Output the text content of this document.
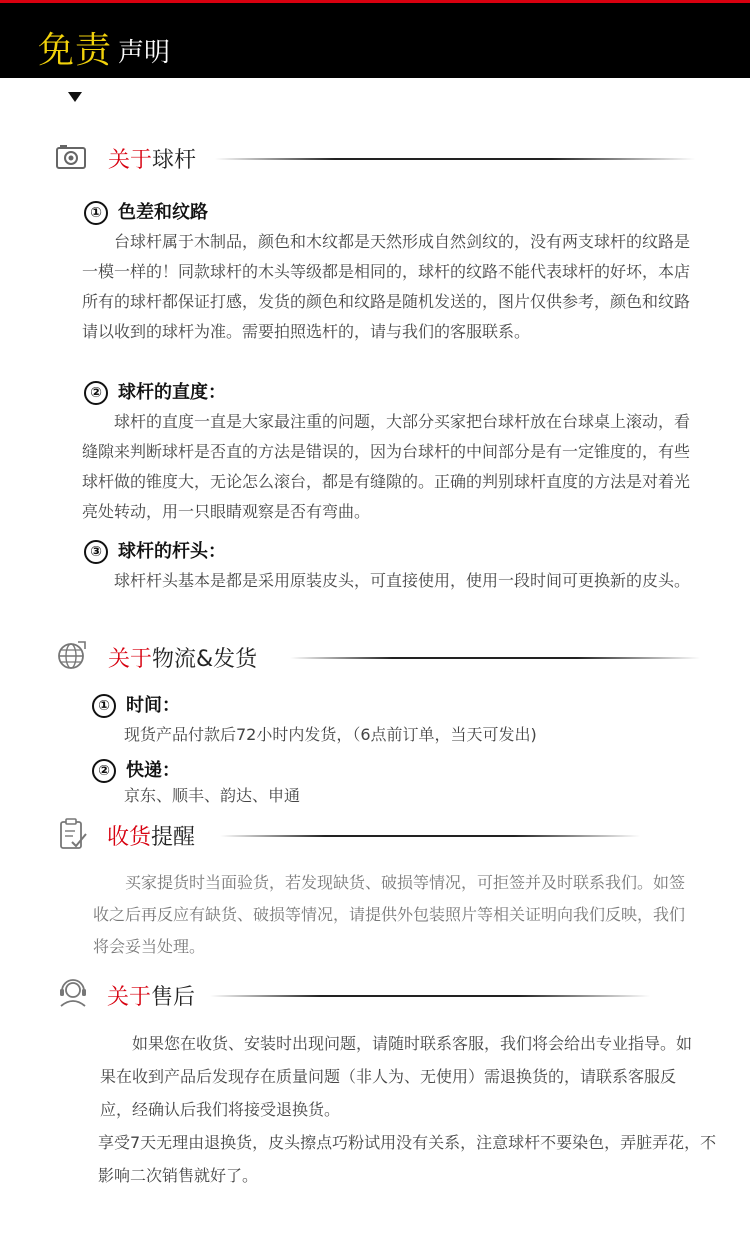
免责 声明
关于球杆
① 色差和纹路
台球杆属于木制品，颜色和木纹都是天然形成自然剑纹的，没有两支球杆的纹路是一模一样的！同款球杆的木头等级都是相同的，球杆的纹路不能代表球杆的好坏，本店所有的球杆都保证打感，发货的颜色和纹路是随机发送的，图片仅供参考，颜色和纹路请以收到的球杆为准。需要拍照选杆的，请与我们的客服联系。
② 球杆的直度：
球杆的直度一直是大家最注重的问题，大部分买家把台球杆放在台球桌上滚动，看缝隙来判断球杆是否直的方法是错误的，因为台球杆的中间部分是有一定锥度的，有些球杆做的锥度大，无论怎么滚台，都是有缝隙的。正确的判别球杆直度的方法是对着光亮处转动，用一只眼睛观察是否有弯曲。
③ 球杆的杆头：
球杆杆头基本是都是采用原装皮头，可直接使用，使用一段时间可更换新的皮头。
关于物流&发货
① 时间：
现货产品付款后72小时内发货，（6点前订单，当天可发出)
② 快递：
京东、顺丰、韵达、申通
收货提醒
买家提货时当面验货，若发现缺货、破损等情况，可拒签并及时联系我们。如签收之后再反应有缺货、破损等情况，请提供外包装照片等相关证明向我们反映，我们将会妥当处理。
关于售后
如果您在收货、安装时出现问题，请随时联系客服，我们将会给出专业指导。如果在收到产品后发现存在质量问题（非人为、无使用）需退换货的，请联系客服反应，经确认后我们将接受退换货。
享受7天无理由退换货，皮头擦点巧粉试用没有关系，注意球杆不要染色，弄脏弄花，不影响二次销售就好了。
